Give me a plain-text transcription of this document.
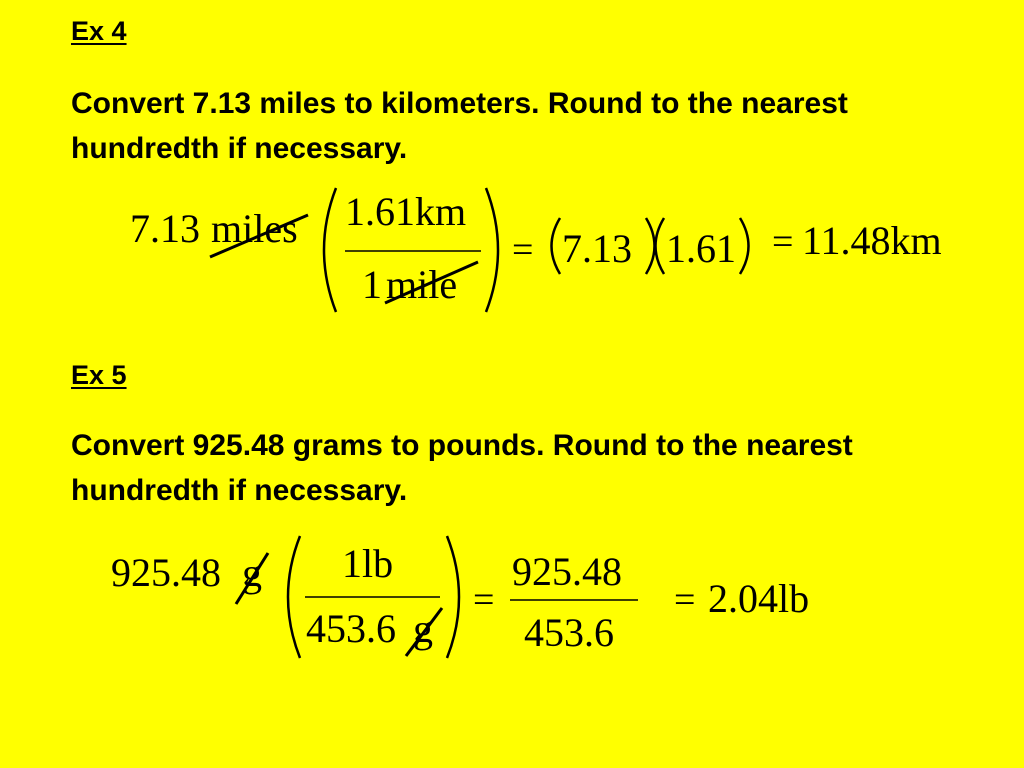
Ex 4

Convert 7.13 miles to kilometers. Round to the nearest hundredth if necessary.

Ex 5

Convert 925.48 grams to pounds. Round to the nearest hundredth if necessary.

7.13 miles 1.61km
1 mile
= 7.13 1.61 = 11.48km
925.48 g 1lb
453.6 g
=
925.48
453.6
= 2.04lb
